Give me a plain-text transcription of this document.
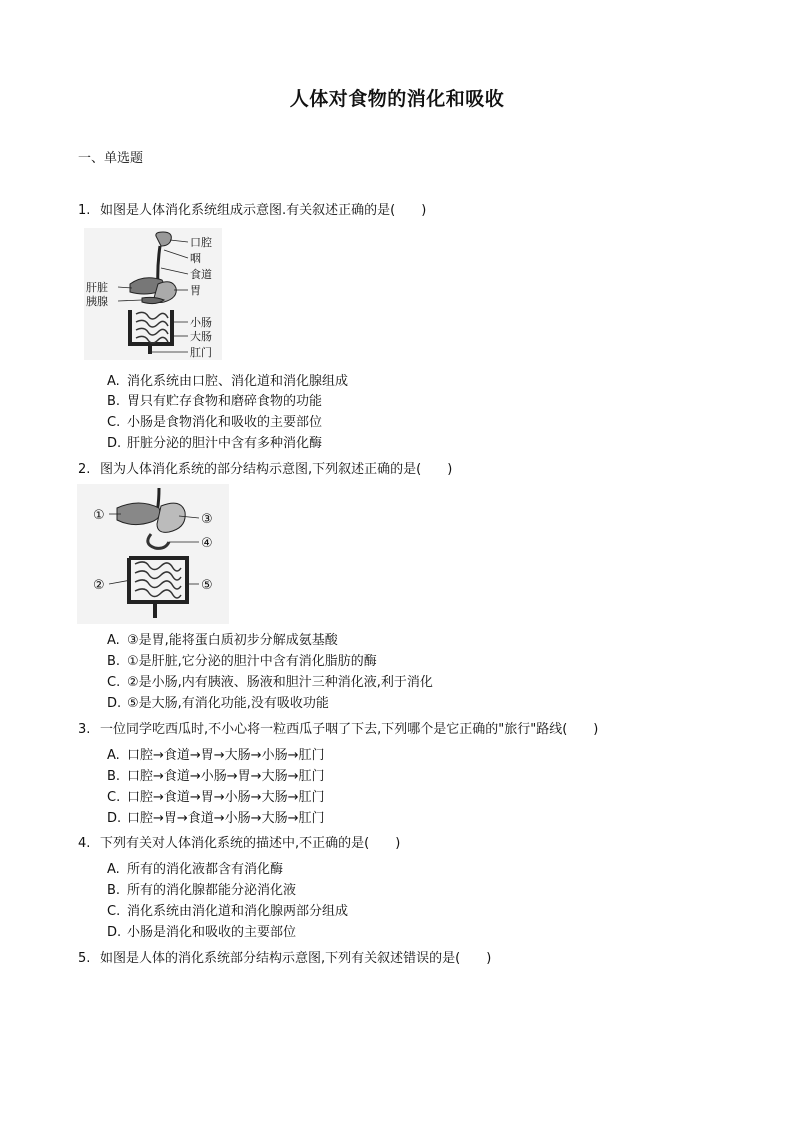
人体对食物的消化和吸收
一、单选题
1. 如图是人体消化系统组成示意图.有关叙述正确的是(　　)
口腔
咽
食道
胃
肝脏
胰腺
小肠
大肠
肛门
A. 消化系统由口腔、消化道和消化腺组成
B. 胃只有贮存食物和磨碎食物的功能
C. 小肠是食物消化和吸收的主要部位
D. 肝脏分泌的胆汁中含有多种消化酶
2. 图为人体消化系统的部分结构示意图,下列叙述正确的是(　　)
①
②
③
④
⑤
A. ③是胃,能将蛋白质初步分解成氨基酸
B. ①是肝脏,它分泌的胆汁中含有消化脂肪的酶
C. ②是小肠,内有胰液、肠液和胆汁三种消化液,利于消化
D. ⑤是大肠,有消化功能,没有吸收功能
3. 一位同学吃西瓜时,不小心将一粒西瓜子咽了下去,下列哪个是它正确的"旅行"路线(　　)
A. 口腔→食道→胃→大肠→小肠→肛门
B. 口腔→食道→小肠→胃→大肠→肛门
C. 口腔→食道→胃→小肠→大肠→肛门
D. 口腔→胃→食道→小肠→大肠→肛门
4. 下列有关对人体消化系统的描述中,不正确的是(　　)
A. 所有的消化液都含有消化酶
B. 所有的消化腺都能分泌消化液
C. 消化系统由消化道和消化腺两部分组成
D. 小肠是消化和吸收的主要部位
5. 如图是人体的消化系统部分结构示意图,下列有关叙述错误的是(　　)
